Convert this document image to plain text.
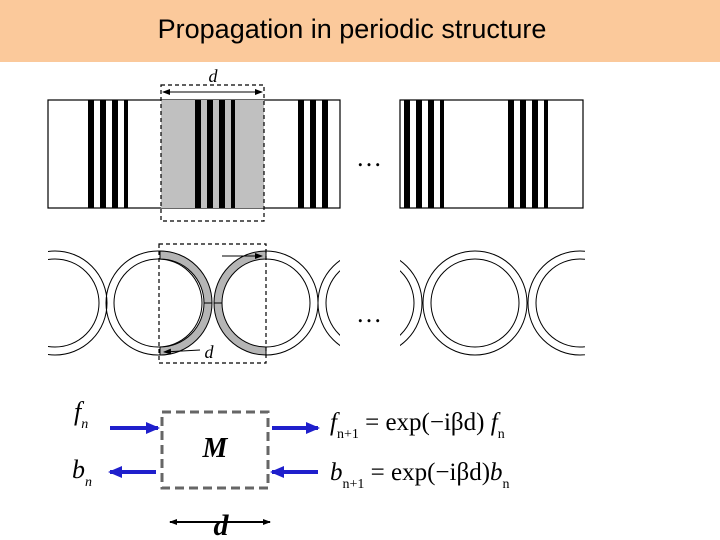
Propagation in periodic structure
d
…
d
…
M
$f_n$
$b_n$
$f_{n+1} = \exp(-i\beta d)$ $f_n$
$b_{n+1} = \exp(-i\beta d)b_n$
d
